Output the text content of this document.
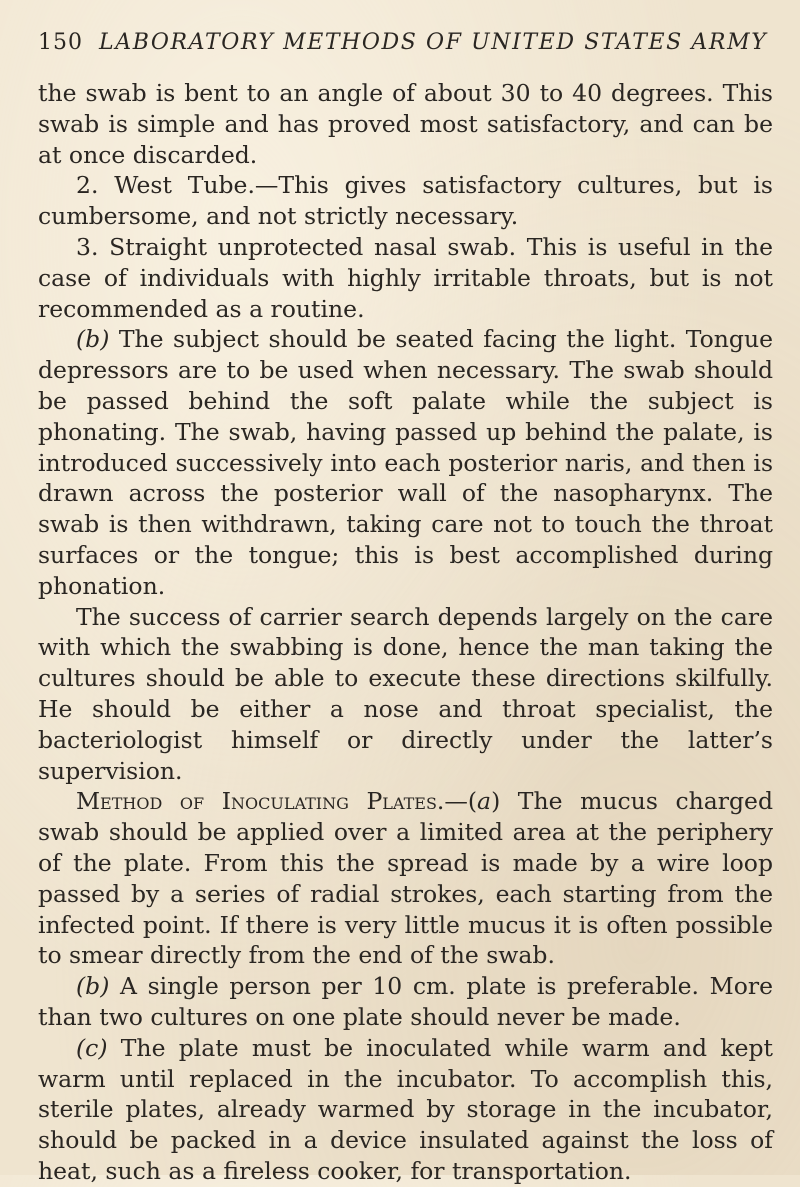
150 LABORATORY METHODS OF UNITED STATES ARMY

the swab is bent to an angle of about 30 to 40 degrees. This swab is simple and has proved most satisfactory, and can be at once discarded.

2. West Tube.—This gives satisfactory cultures, but is cumbersome, and not strictly necessary.

3. Straight unprotected nasal swab. This is useful in the case of individuals with highly irritable throats, but is not recommended as a routine.

(b) The subject should be seated facing the light. Tongue depressors are to be used when necessary. The swab should be passed behind the soft palate while the subject is phonating. The swab, having passed up behind the palate, is introduced successively into each posterior naris, and then is drawn across the posterior wall of the nasopharynx. The swab is then withdrawn, taking care not to touch the throat surfaces or the tongue; this is best accomplished during phonation.

The success of carrier search depends largely on the care with which the swabbing is done, hence the man taking the cultures should be able to execute these directions skilfully. He should be either a nose and throat specialist, the bacteriologist himself or directly under the latter’s supervision.

Method of Inoculating Plates.—(a) The mucus charged swab should be applied over a limited area at the periphery of the plate. From this the spread is made by a wire loop passed by a series of radial strokes, each starting from the infected point. If there is very little mucus it is often possible to smear directly from the end of the swab.

(b) A single person per 10 cm. plate is preferable. More than two cultures on one plate should never be made.

(c) The plate must be inoculated while warm and kept warm until replaced in the incubator. To accomplish this, sterile plates, already warmed by storage in the incubator, should be packed in a device insulated against the loss of heat, such as a fireless cooker, for transportation.
